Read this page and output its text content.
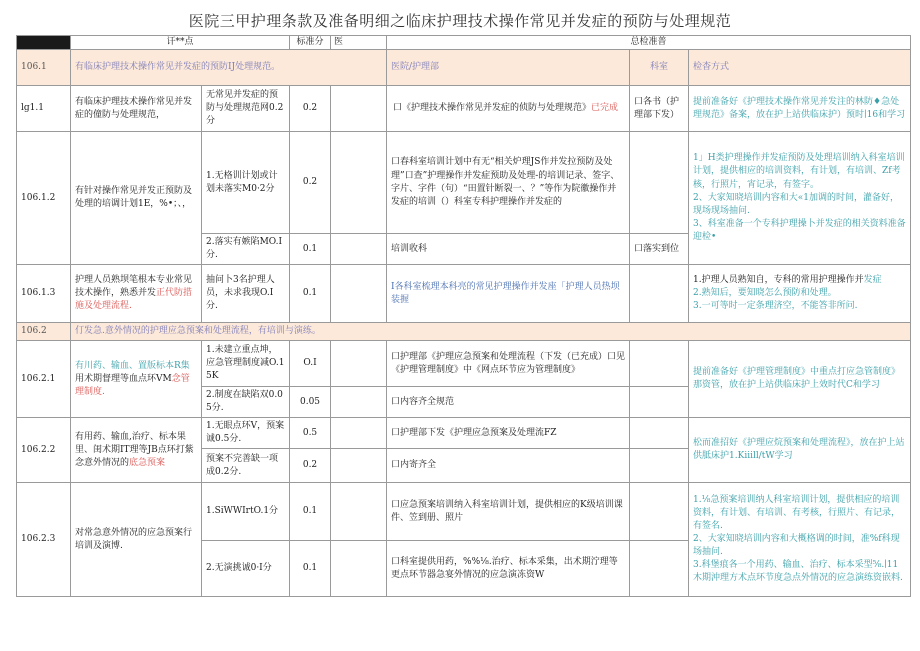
医院三甲护理条款及准备明细之临床护理技术操作常见并发症的预防与处理规范
	讦**点		标准分	医	总检准普		
106.1	有临床护理技术操作常见并发症的预防IJ处理规范。				医院/护理部	科室	检杳方式
lg1.1	有临床护理技术操作常见并发症的僮防与处理规范，	无常见并发症的预防与处理规范网0.2分	0.2		口《护理技术操作常见并发症的侦防与处理规范》已完成	口各书（护理部下发）	提前准备好《护理技术操作常见并发注的林防♦急处理规范》备案，放在护上站供临床护）预时∣16和学习
106.1.2	有针对操作常见并发正预防及处理的培调计划1E，%•；、，	1.无格训计划或计划未落实M0·2分	0.2		口春科室培训计划中有无“相关炉理JS作并发拉预防及处理”口查”护理操作并发症预助及处理-的培训记录、签字、字片、字件（句）“田置针断裂一、？”等作为院徽操作并发症的培训（）科室专科护理操作并发症的		1」H类护理操作并发症预防及处理培训纳入科室培训计划，提供相应的培训资料，有计划，有培训、Zf考核，行照片，宵记录，有签字。
2、大家知晓培训内容和大«1加调的时间，灌备好，现场现场抽问.
3、科室准备一个专科护理操卜并发症的相关资料准备迎检•

		2.落实有嫉陷MO.I分.	0.1		培训收科	口落实到位	
106.1.3	护理人员熟坝笔根本专业常见技术操作，熟悉并发正代防措施及处理流程.	抽问卜3名护理人员，未求我现O.I分.	0.1		I各科室梳理本科亮的常见护理操作并发座「护理人员热坝装握		1.护理人员熟知自，专科的常用护理操作并发症
2.熟知后，要知晓怎么预防和处理。
3.一可等时一定条理济空，不能答非所问.

106.2	仃发急.意外情况的护理应急预案和处理流程，有培训与演练。						
106.2.1	有川药、输血、置版标本R集用术期督理等血点环VM念管理制度.	1.未建立重点坤，应急管理制度减O.15K	O.I		口护理部《护理应急预案和处理流程（下发（已充成）口见《护理管理制度》中《网点环节应为管理制度》		提前准备好《护理管理制度》中重点打应急管制度》那资管，放在护上站供临床护上效时代C和学习
		2.制度在缺陷双0.05分.	0.05		口内容齐全规范		
106.2.2	有用药、输血,治疗、标本果里、闺术期IT理等JB点环打紫念意外情况的底急预案	1.无眼点环V，预案诚0.5分.	0.5		口护理部下发《护理应急预案及处理流FZ		松而准招好《护理应烷预案和处理流程》，放在护上站供胝床护1.Kiiill/tW学习
		预案不完善缺一项成0.2分.	0.2		口内寄齐全		
106.2.3	对常急意外情况的应急预案行培训及演博.	1.SiWWIrtO.1分	0.1		口应急预案培训纳入科室培训计划，提供相应的K级培训课件、笠到册、照片		1.⅛急预案培训纳人科室培训计划，提供相应的培训资料，有计划、有培训、有考核，行照片、有记录，有签名.
2、大家知晓培训内容和大概格调的时间，准%f科现场抽问.
3.科堡痕各一个用药、输血、治疗、标本采型⅝.∣11木期沖理方术点环节度急点外情况的应急演练资嵌料.

		2.无演挑诚0·I分	0.1		口科室提供用药，%%⅛.治疗、标本采集，出术期泞理等更点环节器急宴外情况的应急演冻资W		
